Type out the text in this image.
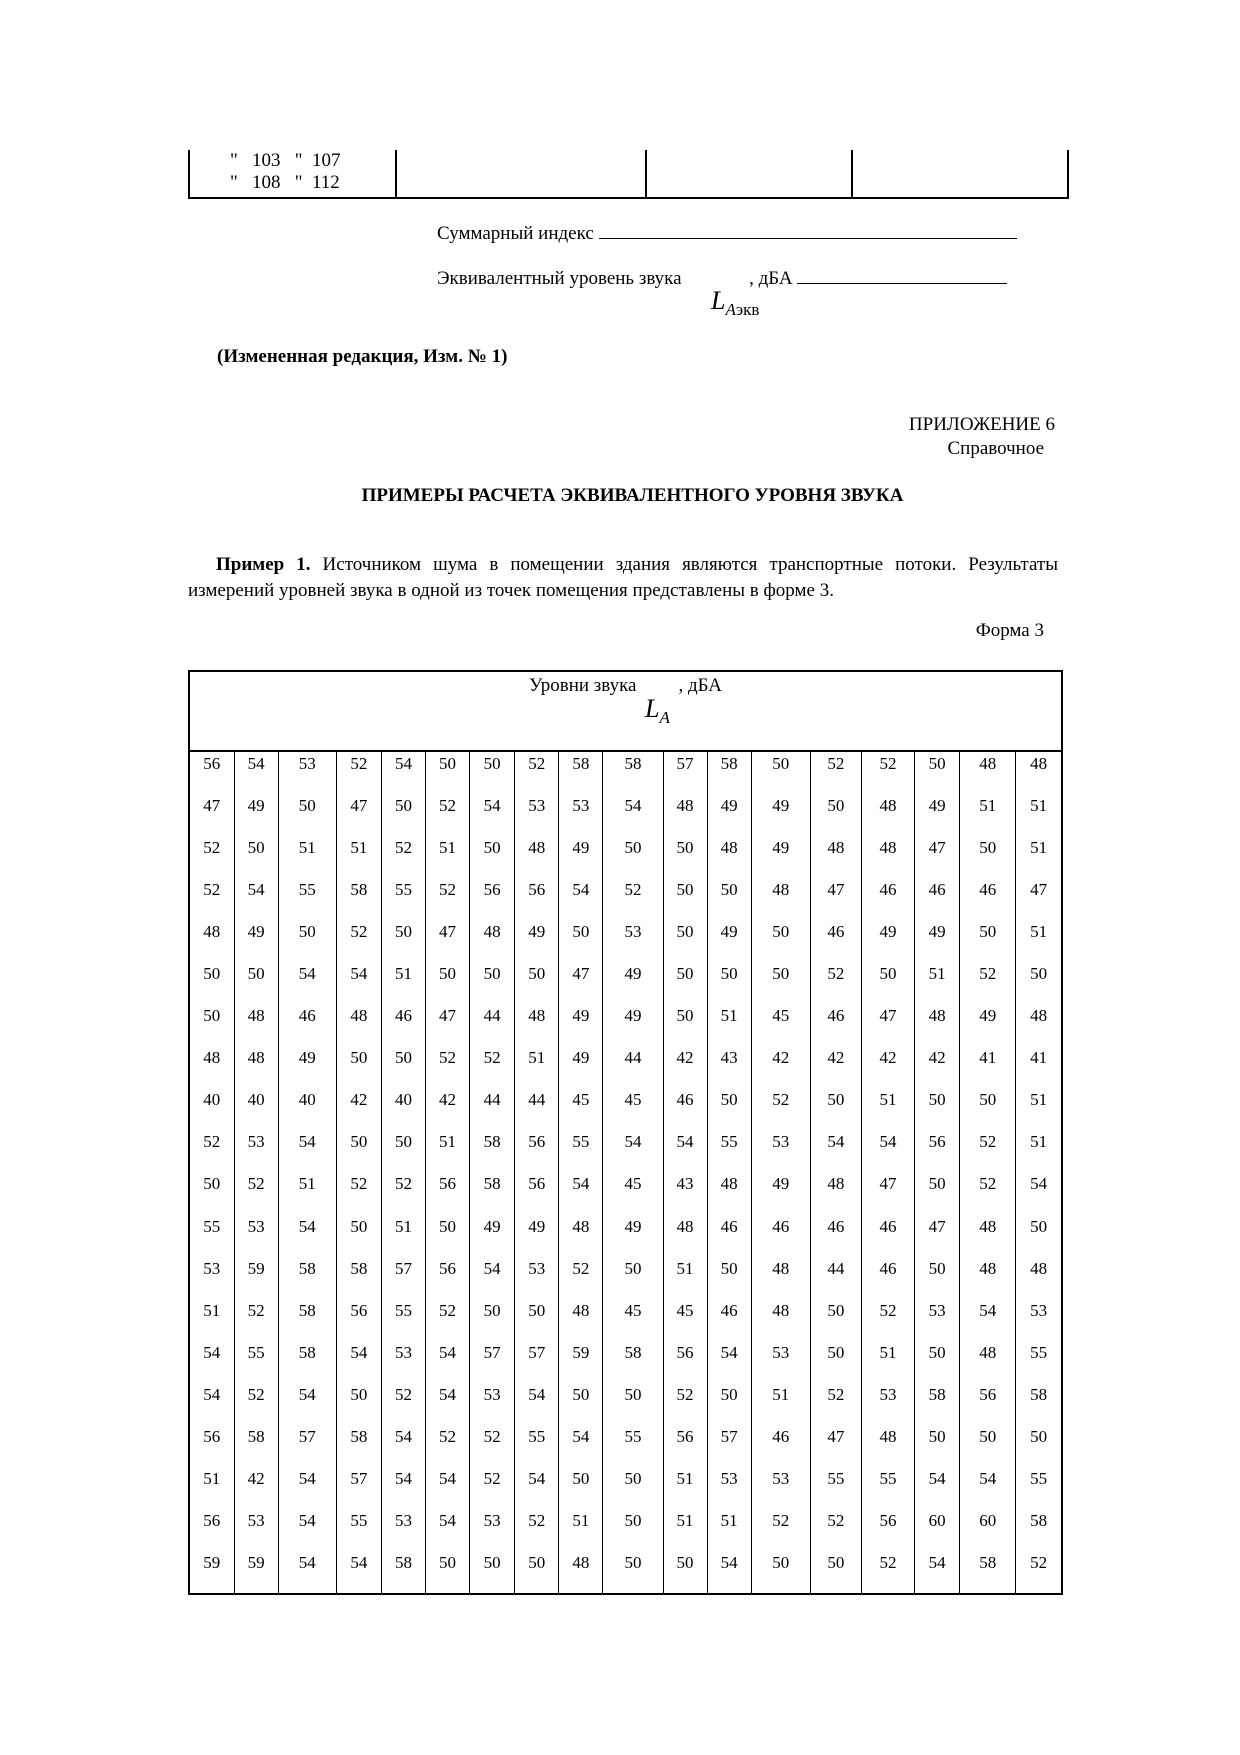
"   103   "  107
"   108   "  112
Суммарный индекс
Эквивалентный уровень звука	, дБА
$L_{Aэкв}$
(Измененная редакция, Изм. № 1)
ПРИЛОЖЕНИЕ 6
Справочное
ПРИМЕРЫ РАСЧЕТА ЭКВИВАЛЕНТНОГО УРОВНЯ ЗВУКА
Пример 1. Источником шума в помещении здания являются транспортные потоки. Результаты измерений уровней звука в одной из точек помещения представлены в форме 3.
Форма 3
Уровни звука , дБА
$L_A$
56	54	53	52	54	50	50	52	58	58	57	58	50	52	52	50	48	48
47	49	50	47	50	52	54	53	53	54	48	49	49	50	48	49	51	51
52	50	51	51	52	51	50	48	49	50	50	48	49	48	48	47	50	51
52	54	55	58	55	52	56	56	54	52	50	50	48	47	46	46	46	47
48	49	50	52	50	47	48	49	50	53	50	49	50	46	49	49	50	51
50	50	54	54	51	50	50	50	47	49	50	50	50	52	50	51	52	50
50	48	46	48	46	47	44	48	49	49	50	51	45	46	47	48	49	48
48	48	49	50	50	52	52	51	49	44	42	43	42	42	42	42	41	41
40	40	40	42	40	42	44	44	45	45	46	50	52	50	51	50	50	51
52	53	54	50	50	51	58	56	55	54	54	55	53	54	54	56	52	51
50	52	51	52	52	56	58	56	54	45	43	48	49	48	47	50	52	54
55	53	54	50	51	50	49	49	48	49	48	46	46	46	46	47	48	50
53	59	58	58	57	56	54	53	52	50	51	50	48	44	46	50	48	48
51	52	58	56	55	52	50	50	48	45	45	46	48	50	52	53	54	53
54	55	58	54	53	54	57	57	59	58	56	54	53	50	51	50	48	55
54	52	54	50	52	54	53	54	50	50	52	50	51	52	53	58	56	58
56	58	57	58	54	52	52	55	54	55	56	57	46	47	48	50	50	50
51	42	54	57	54	54	52	54	50	50	51	53	53	55	55	54	54	55
56	53	54	55	53	54	53	52	51	50	51	51	52	52	56	60	60	58
59	59	54	54	58	50	50	50	48	50	50	54	50	50	52	54	58	52
